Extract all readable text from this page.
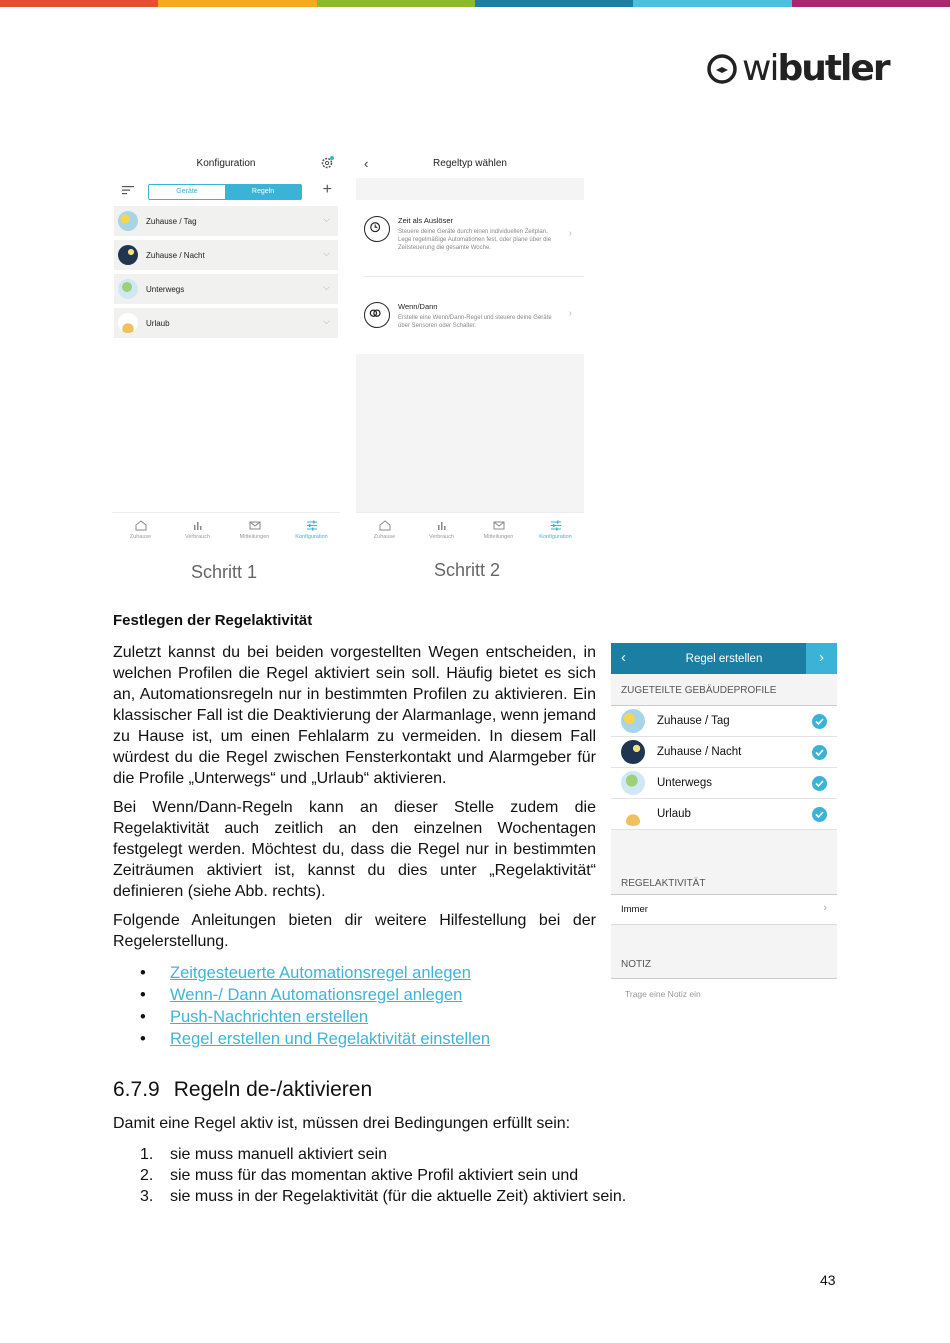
wibutler
Konfiguration
Geräte	Regeln	+
Zuhause / Tag	⌵
Zuhause / Nacht	⌵
Unterwegs	⌵
Urlaub	⌵
Zuhause	Verbrauch	Mitteilungen	Konfiguration
Schritt 1
‹	Regeltyp wählen
Zeit als Auslöser
Steuere deine Geräte durch einen individuellen Zeitplan. Lege regelmäßige Automationen fest, oder plane über die Zeitsteuerung die gesamte Woche.
›
Wenn/Dann
Erstelle eine Wenn/Dann-Regel und steuere deine Geräte über Sensoren oder Schalter.
›
Zuhause	Verbrauch	Mitteilungen	Konfiguration
Schritt 2
Festlegen der Regelaktivität
Zuletzt kannst du bei beiden vorgestellten Wegen entscheiden, in welchen Profilen die Regel aktiviert sein soll. Häufig bietet es sich an, Automationsregeln nur in bestimmten Profilen zu aktivieren. Ein klassischer Fall ist die Deaktivierung der Alarmanlage, wenn jemand zu Hause ist, um einen Fehlalarm zu vermeiden. In diesem Fall würdest du die Regel zwischen Fensterkontakt und Alarmgeber für die Profile „Unterwegs“ und „Urlaub“ aktivieren.
Bei Wenn/Dann-Regeln kann an dieser Stelle zudem die Regelaktivität auch zeitlich an den einzelnen Wochentagen festgelegt werden. Möchtest du, dass die Regel nur in bestimmten Zeiträumen aktiviert ist, kannst du dies unter „Regelaktivität“ definieren (siehe Abb. rechts).
Folgende Anleitungen bieten dir weitere Hilfestellung bei der Regelerstellung.
•	Zeitgesteuerte Automationsregel anlegen
•	Wenn-/ Dann Automationsregel anlegen
•	Push-Nachrichten erstellen
•	Regel erstellen und Regelaktivität einstellen
‹	Regel erstellen	›
ZUGETEILTE GEBÄUDEPROFILE
Zuhause / Tag
Zuhause / Nacht
Unterwegs
Urlaub
REGELAKTIVITÄT
Immer	›
NOTIZ
Trage eine Notiz ein
6.7.9 Regeln de-/aktivieren
Damit eine Regel aktiv ist, müssen drei Bedingungen erfüllt sein:
1.	sie muss manuell aktiviert sein
2.	sie muss für das momentan aktive Profil aktiviert sein und
3.	sie muss in der Regelaktivität (für die aktuelle Zeit) aktiviert sein.
43
